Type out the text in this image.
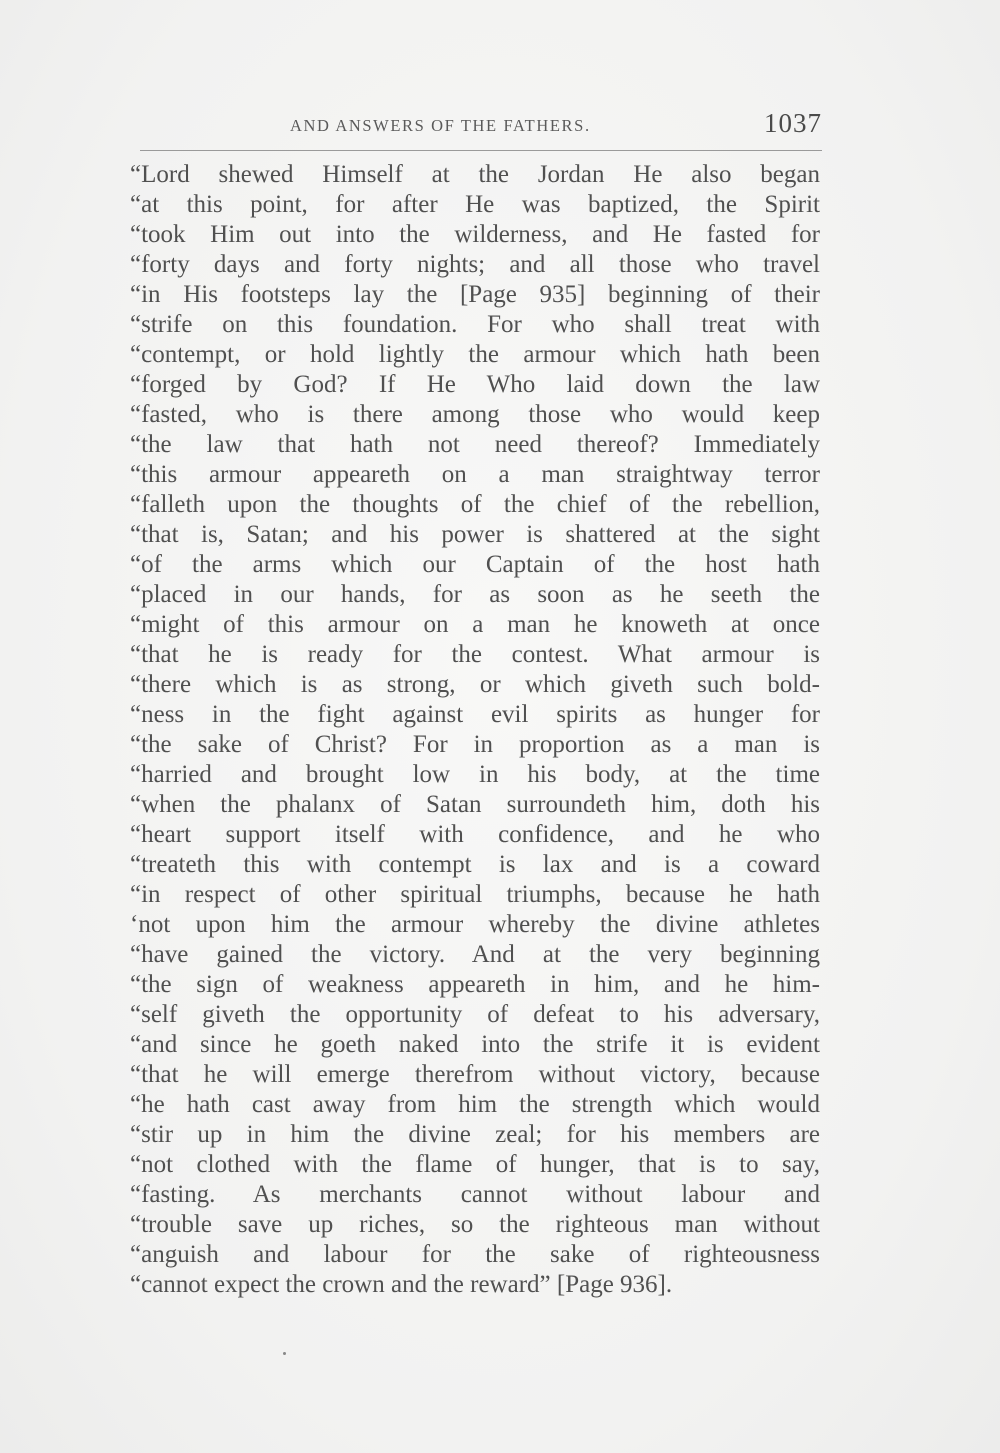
AND ANSWERS OF THE FATHERS.	1037
“Lord shewed Himself at the Jordan He also began
“at this point, for after He was baptized, the Spirit
“took Him out into the wilderness, and He fasted for
“forty days and forty nights; and all those who travel
“in His footsteps lay the [Page 935] beginning of their
“strife on this foundation. For who shall treat with
“contempt, or hold lightly the armour which hath been
“forged by God? If He Who laid down the law
“fasted, who is there among those who would keep
“the law that hath not need thereof? Immediately
“this armour appeareth on a man straightway terror
“falleth upon the thoughts of the chief of the rebellion,
“that is, Satan; and his power is shattered at the sight
“of the arms which our Captain of the host hath
“placed in our hands, for as soon as he seeth the
“might of this armour on a man he knoweth at once
“that he is ready for the contest. What armour is
“there which is as strong, or which giveth such bold-
“ness in the fight against evil spirits as hunger for
“the sake of Christ? For in proportion as a man is
“harried and brought low in his body, at the time
“when the phalanx of Satan surroundeth him, doth his
“heart support itself with confidence, and he who
“treateth this with contempt is lax and is a coward
“in respect of other spiritual triumphs, because he hath
‘not upon him the armour whereby the divine athletes
“have gained the victory. And at the very beginning
“the sign of weakness appeareth in him, and he him-
“self giveth the opportunity of defeat to his adversary,
“and since he goeth naked into the strife it is evident
“that he will emerge therefrom without victory, because
“he hath cast away from him the strength which would
“stir up in him the divine zeal; for his members are
“not clothed with the flame of hunger, that is to say,
“fasting. As merchants cannot without labour and
“trouble save up riches, so the righteous man without
“anguish and labour for the sake of righteousness
“cannot expect the crown and the reward” [Page 936].
